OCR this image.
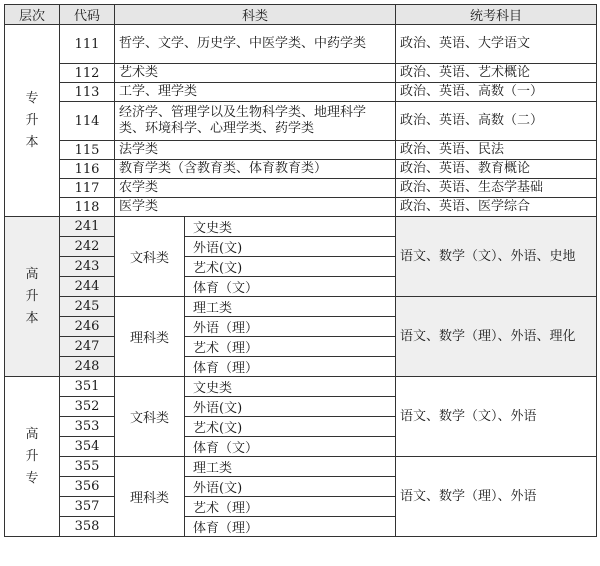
层次	代码	科类		统考科目
专升本	111	哲学、文学、历史学、中医学类、中药学类		政治、英语、大学语文
	112	艺术类		政治、英语、艺术概论
	113	工学、理学类		政治、英语、高数（一）
	114	经济学、管理学以及生物科学类、地理科学类、环境科学、心理学类、药学类		政治、英语、高数（二）
	115	法学类		政治、英语、民法
	116	教育学类（含教育类、体育教育类）		政治、英语、教育概论
	117	农学类		政治、英语、生态学基础
	118	医学类		政治、英语、医学综合
高升本	241	文科类	文史类	语文、数学（文）、外语、史地
	242		外语(文)	
	243		艺术(文)	
	244		体育（文）	
	245	理科类	理工类	语文、数学（理）、外语、理化
	246		外语（理）	
	247		艺术（理）	
	248		体育（理）	
高升专	351	文科类	文史类	语文、数学（文）、外语
	352		外语(文)	
	353		艺术(文)	
	354		体育（文）	
	355	理科类	理工类	语文、数学（理）、外语
	356		外语(文)	
	357		艺术（理）	
	358		体育（理）	
